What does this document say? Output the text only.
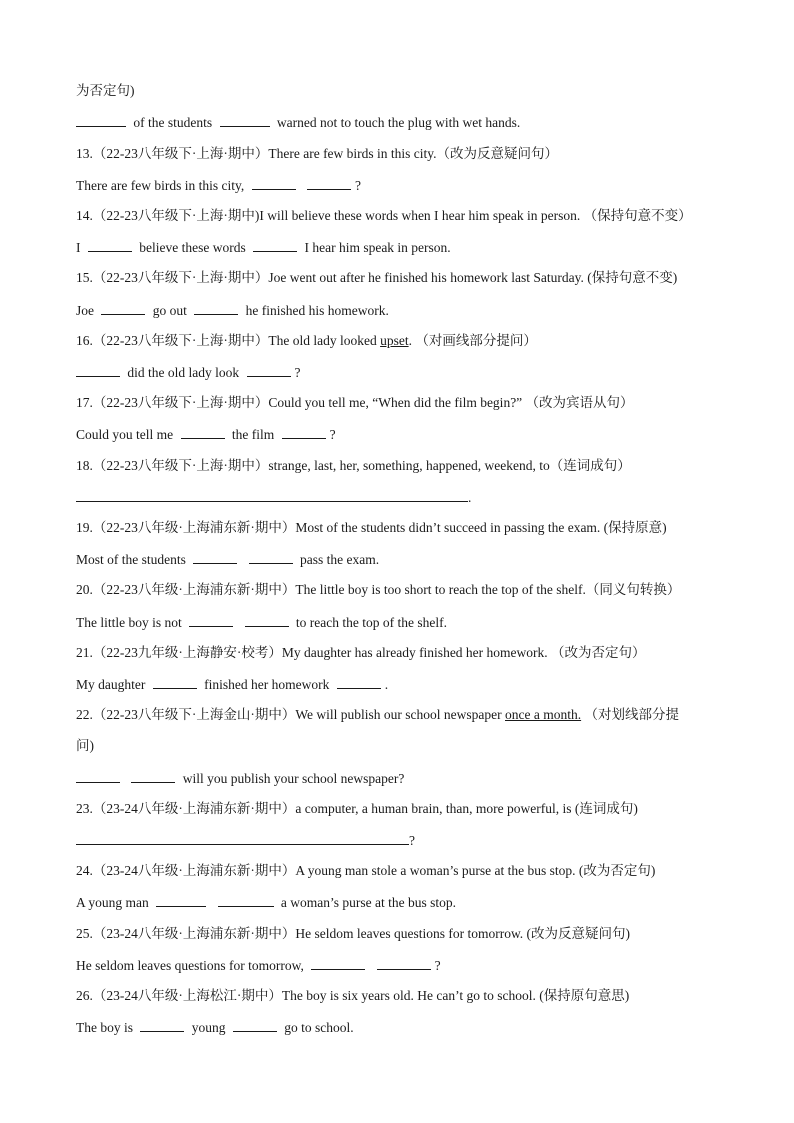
为否定句)
of the students	warned not to touch the plug with wet hands.
13.（22-23八年级下·上海·期中）There are few birds in this city.（改为反意疑问句）
There are few birds in this city,	?
14.（22-23八年级下·上海·期中)I will believe these words when I hear him speak in person. （保持句意不变）
I	believe these words	I hear him speak in person.
15.（22-23八年级下·上海·期中）Joe went out after he finished his homework last Saturday. (保持句意不变)
Joe	go out	he finished his homework.
16.（22-23八年级下·上海·期中）The old lady looked upset. （对画线部分提问）
did the old lady look	?
17.（22-23八年级下·上海·期中）Could you tell me, “When did the film begin?” （改为宾语从句）
Could you tell me	the film	?
18.（22-23八年级下·上海·期中）strange, last, her, something, happened, weekend, to（连词成句）
.
19.（22-23八年级·上海浦东新·期中）Most of the students didn’t succeed in passing the exam. (保持原意)
Most of the students	pass the exam.
20.（22-23八年级·上海浦东新·期中）The little boy is too short to reach the top of the shelf.（同义句转换）
The little boy is not	to reach the top of the shelf.
21.（22-23九年级·上海静安·校考）My daughter has already finished her homework. （改为否定句）
My daughter	finished her homework	.
22.（22-23八年级下·上海金山·期中）We will publish our school newspaper once a month. （对划线部分提
问)
will you publish your school newspaper?
23.（23-24八年级·上海浦东新·期中）a computer, a human brain, than, more powerful, is (连词成句)
?
24.（23-24八年级·上海浦东新·期中）A young man stole a woman’s purse at the bus stop. (改为否定句)
A young man	a woman’s purse at the bus stop.
25.（23-24八年级·上海浦东新·期中）He seldom leaves questions for tomorrow. (改为反意疑问句)
He seldom leaves questions for tomorrow,	?
26.（23-24八年级·上海松江·期中）The boy is six years old. He can’t go to school. (保持原句意思)
The boy is	young	go to school.
